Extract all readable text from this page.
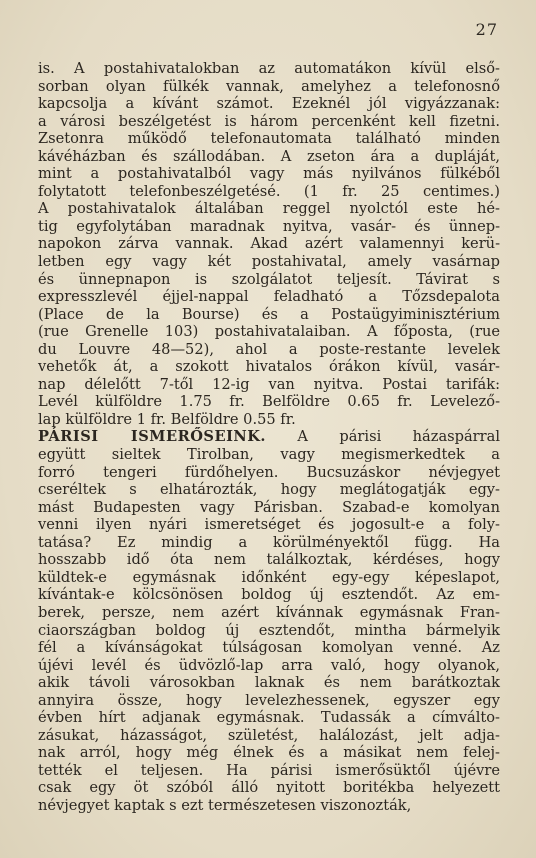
27
is. A postahivatalokban az automatákon kívül első-
sorban olyan fülkék vannak, amelyhez a telefonosnő
kapcsolja a kívánt számot. Ezeknél jól vigyázzanak:
a városi beszélgetést is három percenként kell fizetni.
Zsetonra működő telefonautomata található minden
kávéházban és szállodában. A zseton ára a dupláját,
mint a postahivatalból vagy más nyilvános fülkéből
folytatott telefonbeszélgetésé. (1 fr. 25 centimes.)
A postahivatalok általában reggel nyolctól este hé-
tig egyfolytában maradnak nyitva, vasár- és ünnep-
napokon zárva vannak. Akad azért valamennyi kerü-
letben egy vagy két postahivatal, amely vasárnap
és ünnepnapon is szolgálatot teljesít. Távirat s
expresszlevél éjjel-nappal feladható a Tőzsdepalota
(Place de la Bourse) és a Postaügyiminisztérium
(rue Grenelle 103) postahivatalaiban. A főposta, (rue
du Louvre 48—52), ahol a poste-restante levelek
vehetők át, a szokott hivatalos órákon kívül, vasár-
nap délelőtt 7-től 12-ig van nyitva. Postai tarifák:
Levél külföldre 1.75 fr. Belföldre 0.65 fr. Levelező-
lap külföldre 1 fr. Belföldre 0.55 fr.
PÁRISI ISMERŐSEINK. A párisi házaspárral
együtt sieltek Tirolban, vagy megismerkedtek a
forró tengeri fürdőhelyen. Bucsuzáskor névjegyet
cseréltek s elhatározták, hogy meglátogatják egy-
mást Budapesten vagy Párisban. Szabad-e komolyan
venni ilyen nyári ismeretséget és jogosult-e a foly-
tatása? Ez mindig a körülményektől függ. Ha
hosszabb idő óta nem találkoztak, kérdéses, hogy
küldtek-e egymásnak időnként egy-egy képeslapot,
kívántak-e kölcsönösen boldog új esztendőt. Az em-
berek, persze, nem azért kívánnak egymásnak Fran-
ciaországban boldog új esztendőt, mintha bármelyik
fél a kívánságokat túlságosan komolyan venné. Az
újévi levél és üdvözlő-lap arra való, hogy olyanok,
akik távoli városokban laknak és nem barátkoztak
annyira össze, hogy levelezhessenek, egyszer egy
évben hírt adjanak egymásnak. Tudassák a címválto-
zásukat, házasságot, születést, halálozást, jelt adja-
nak arról, hogy még élnek és a másikat nem felej-
tették el teljesen. Ha párisi ismerősüktől újévre
csak egy öt szóból álló nyitott boritékba helyezett
névjegyet kaptak s ezt természetesen viszonozták,
